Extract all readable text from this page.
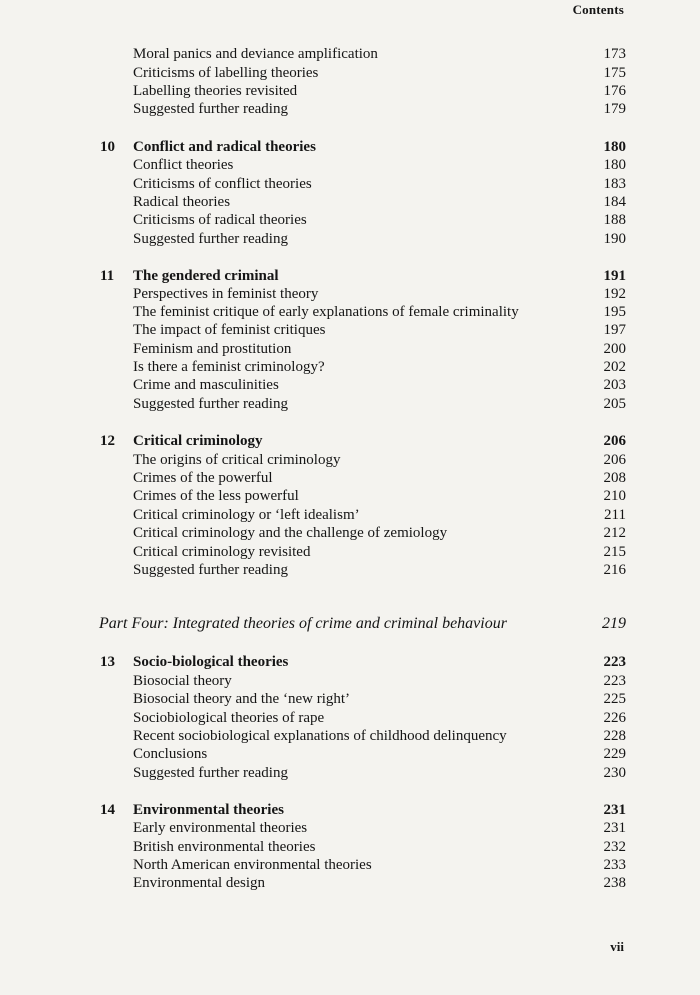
Contents
Moral panics and deviance amplification	173
Criticisms of labelling theories	175
Labelling theories revisited	176
Suggested further reading	179
10	Conflict and radical theories	180
Conflict theories	180
Criticisms of conflict theories	183
Radical theories	184
Criticisms of radical theories	188
Suggested further reading	190
11	The gendered criminal	191
Perspectives in feminist theory	192
The feminist critique of early explanations of female criminality	195
The impact of feminist critiques	197
Feminism and prostitution	200
Is there a feminist criminology?	202
Crime and masculinities	203
Suggested further reading	205
12	Critical criminology	206
The origins of critical criminology	206
Crimes of the powerful	208
Crimes of the less powerful	210
Critical criminology or ‘left idealism’	211
Critical criminology and the challenge of zemiology	212
Critical criminology revisited	215
Suggested further reading	216
Part Four: Integrated theories of crime and criminal behaviour	219
13	Socio-biological theories	223
Biosocial theory	223
Biosocial theory and the ‘new right’	225
Sociobiological theories of rape	226
Recent sociobiological explanations of childhood delinquency	228
Conclusions	229
Suggested further reading	230
14	Environmental theories	231
Early environmental theories	231
British environmental theories	232
North American environmental theories	233
Environmental design	238
vii
